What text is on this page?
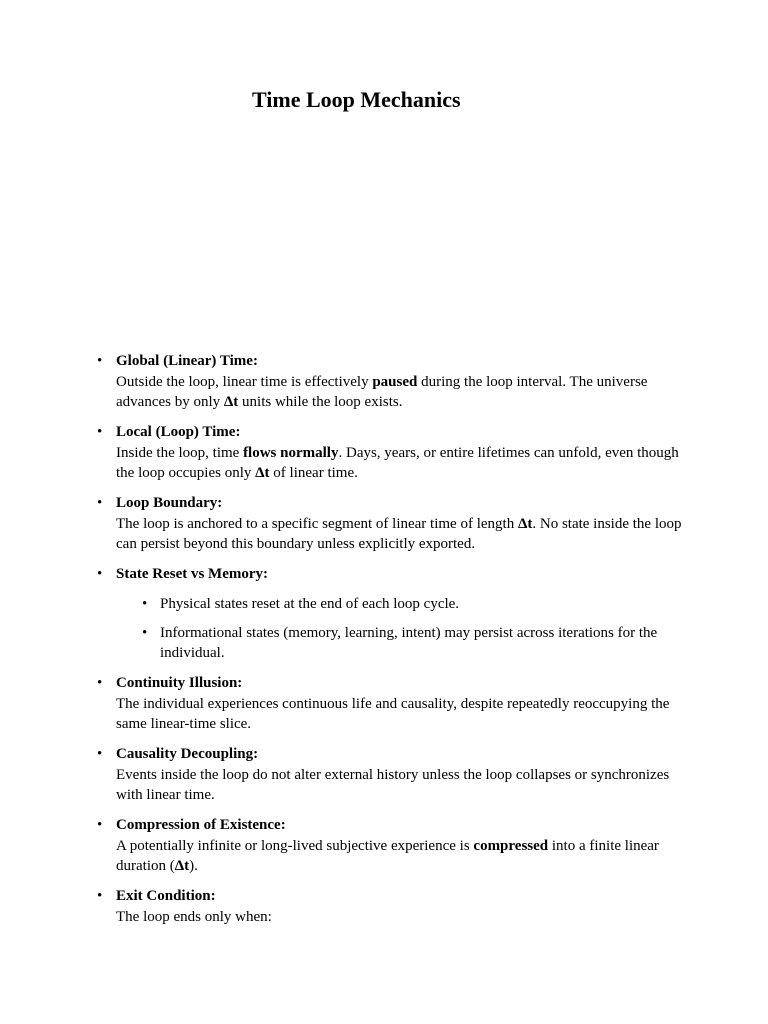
Time Loop Mechanics
• Global (Linear) Time:
Outside the loop, linear time is effectively paused during the loop interval. The universe advances by only Δt units while the loop exists.
• Local (Loop) Time:
Inside the loop, time flows normally. Days, years, or entire lifetimes can unfold, even though the loop occupies only Δt of linear time.
• Loop Boundary:
The loop is anchored to a specific segment of linear time of length Δt. No state inside the loop can persist beyond this boundary unless explicitly exported.
• State Reset vs Memory:
• Physical states reset at the end of each loop cycle.
• Informational states (memory, learning, intent) may persist across iterations for the individual.
• Continuity Illusion:
The individual experiences continuous life and causality, despite repeatedly reoccupying the same linear-time slice.
• Causality Decoupling:
Events inside the loop do not alter external history unless the loop collapses or synchronizes with linear time.
• Compression of Existence:
A potentially infinite or long-lived subjective experience is compressed into a finite linear duration (Δt).
• Exit Condition:
The loop ends only when:
